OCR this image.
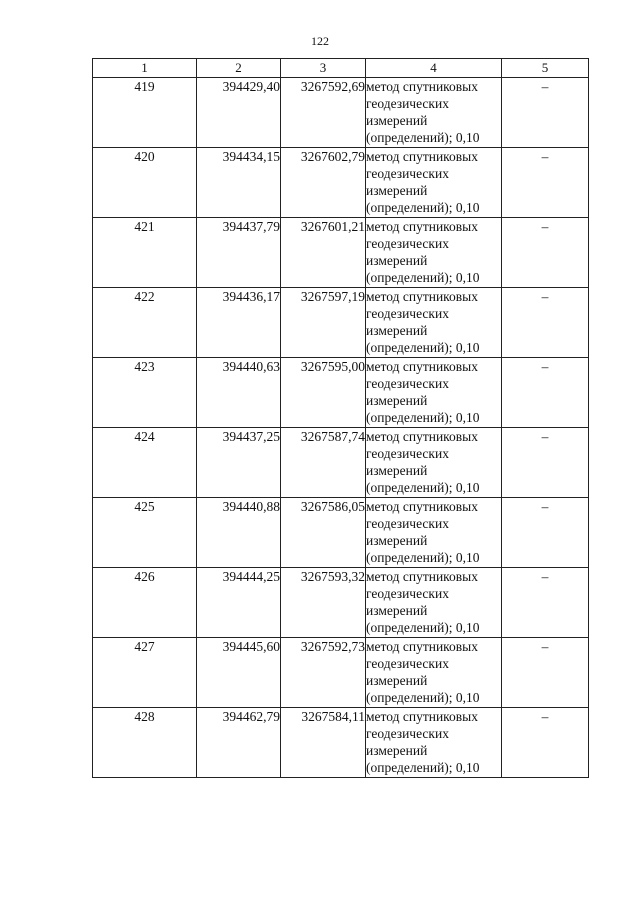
122
1	2	3	4	5
419	394429,40	3267592,69	метод спутниковых
геодезических
измерений
(определений); 0,10	–
420	394434,15	3267602,79	метод спутниковых
геодезических
измерений
(определений); 0,10	–
421	394437,79	3267601,21	метод спутниковых
геодезических
измерений
(определений); 0,10	–
422	394436,17	3267597,19	метод спутниковых
геодезических
измерений
(определений); 0,10	–
423	394440,63	3267595,00	метод спутниковых
геодезических
измерений
(определений); 0,10	–
424	394437,25	3267587,74	метод спутниковых
геодезических
измерений
(определений); 0,10	–
425	394440,88	3267586,05	метод спутниковых
геодезических
измерений
(определений); 0,10	–
426	394444,25	3267593,32	метод спутниковых
геодезических
измерений
(определений); 0,10	–
427	394445,60	3267592,73	метод спутниковых
геодезических
измерений
(определений); 0,10	–
428	394462,79	3267584,11	метод спутниковых
геодезических
измерений
(определений); 0,10	–
